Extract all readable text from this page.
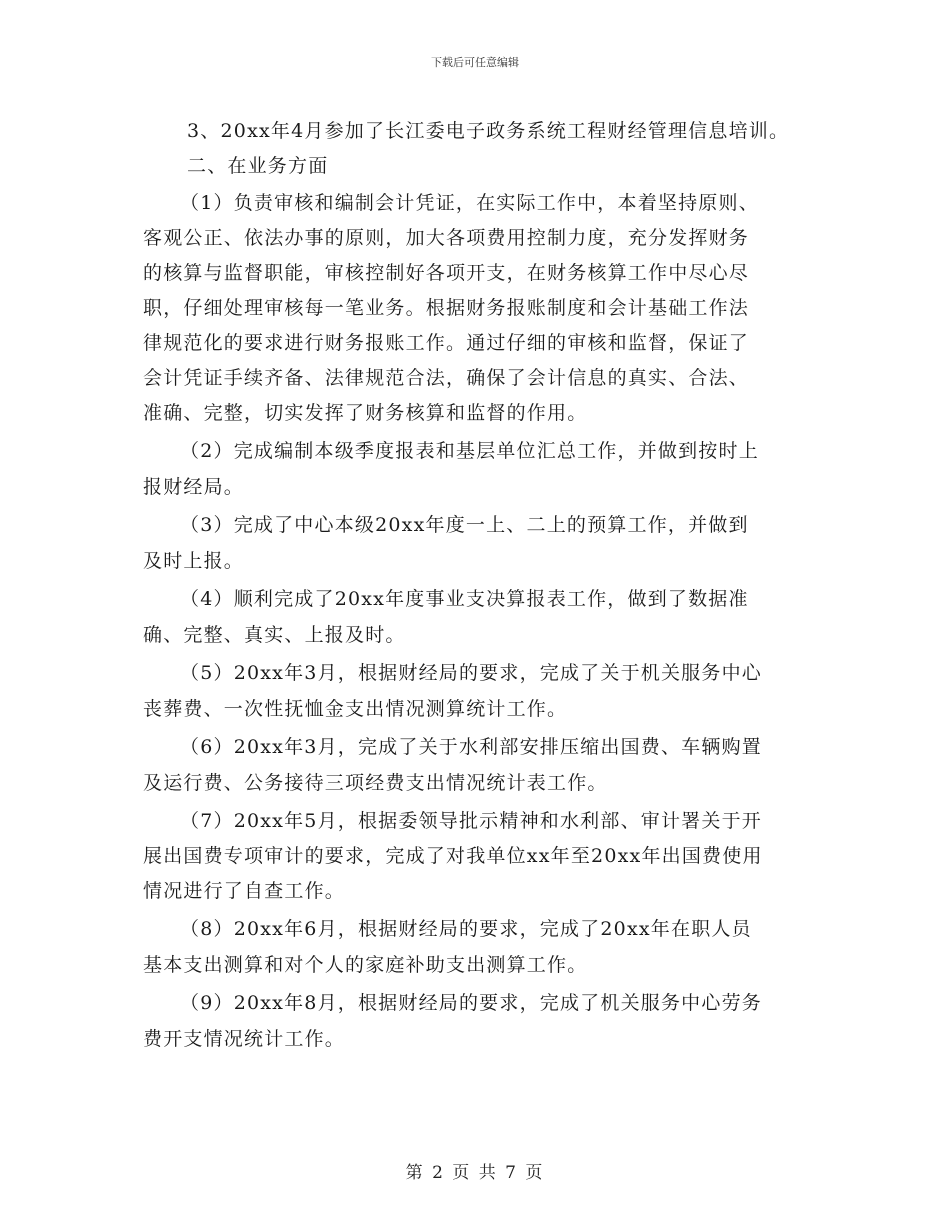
下载后可任意编辑
3、20xx年4月参加了长江委电子政务系统工程财经管理信息培训。
二、在业务方面
（1）负责审核和编制会计凭证，在实际工作中，本着坚持原则、
客观公正、依法办事的原则，加大各项费用控制力度，充分发挥财务
的核算与监督职能，审核控制好各项开支，在财务核算工作中尽心尽
职，仔细处理审核每一笔业务。根据财务报账制度和会计基础工作法
律规范化的要求进行财务报账工作。通过仔细的审核和监督，保证了
会计凭证手续齐备、法律规范合法，确保了会计信息的真实、合法、
准确、完整，切实发挥了财务核算和监督的作用。
（2）完成编制本级季度报表和基层单位汇总工作，并做到按时上
报财经局。
（3）完成了中心本级20xx年度一上、二上的预算工作，并做到
及时上报。
（4）顺利完成了20xx年度事业支决算报表工作，做到了数据准
确、完整、真实、上报及时。
（5）20xx年3月，根据财经局的要求，完成了关于机关服务中心
丧葬费、一次性抚恤金支出情况测算统计工作。
（6）20xx年3月，完成了关于水利部安排压缩出国费、车辆购置
及运行费、公务接待三项经费支出情况统计表工作。
（7）20xx年5月，根据委领导批示精神和水利部、审计署关于开
展出国费专项审计的要求，完成了对我单位xx年至20xx年出国费使用
情况进行了自查工作。
（8）20xx年6月，根据财经局的要求，完成了20xx年在职人员
基本支出测算和对个人的家庭补助支出测算工作。
（9）20xx年8月，根据财经局的要求，完成了机关服务中心劳务
费开支情况统计工作。
第 2 页 共 7 页
